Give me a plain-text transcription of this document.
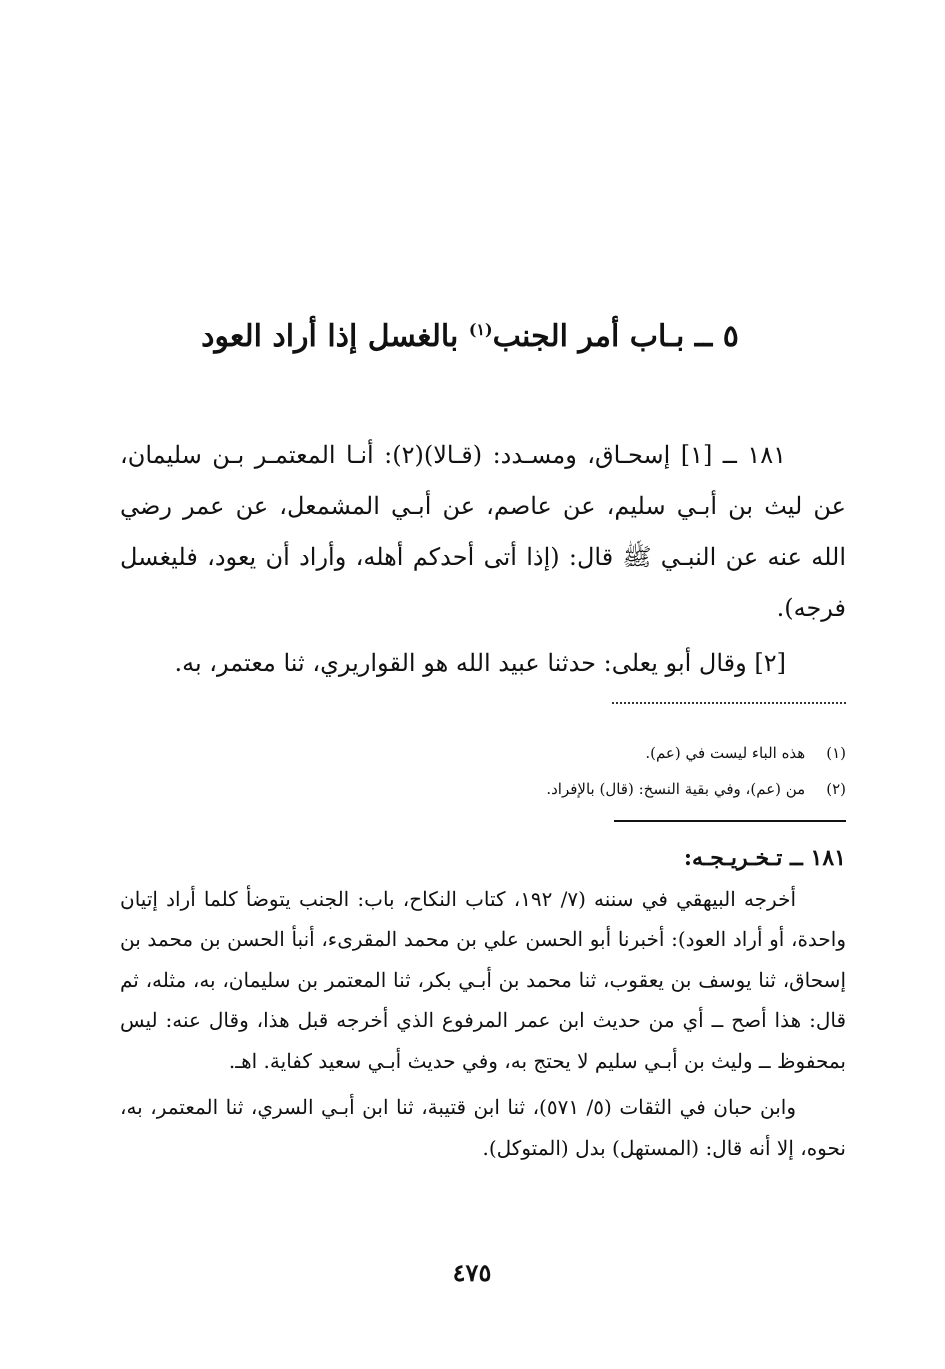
٥ ــ بـاب أمر الجنب$^{(١)}$ بالغسل إذا أراد العود

١٨١ ــ [١] إسحـاق، ومسـدد: (قـالا)(٢): أنـا المعتمـر بـن سليمان، عن ليث بن أبـي سليم، عن عاصم، عن أبـي المشمعل، عن عمر رضي الله عنه عن النبـي ﷺ قال: (إذا أتى أحدكم أهله، وأراد أن يعود، فليغسل فرجه).

[٢] وقال أبو يعلى: حدثنا عبيد الله هو القواريري، ثنا معتمر، به.

(١) هذه الباء ليست في (عم).
(٢) من (عم)، وفي بقية النسخ: (قال) بالإفراد.

١٨١ ــ تـخـريـجـه:

أخرجه البيهقي في سننه (٧/ ١٩٢، كتاب النكاح، باب: الجنب يتوضأ كلما أراد إتيان واحدة، أو أراد العود): أخبرنا أبو الحسن علي بن محمد المقرىء، أنبأ الحسن بن محمد بن إسحاق، ثنا يوسف بن يعقوب، ثنا محمد بن أبـي بكر، ثنا المعتمر بن سليمان، به، مثله، ثم قال: هذا أصح ــ أي من حديث ابن عمر المرفوع الذي أخرجه قبل هذا، وقال عنه: ليس بمحفوظ ــ وليث بن أبـي سليم لا يحتج به، وفي حديث أبـي سعيد كفاية. اهـ.

وابن حبان في الثقات (٥/ ٥٧١)، ثنا ابن قتيبة، ثنا ابن أبـي السري، ثنا المعتمر، به، نحوه، إلا أنه قال: (المستهل) بدل (المتوكل).

٤٧٥
